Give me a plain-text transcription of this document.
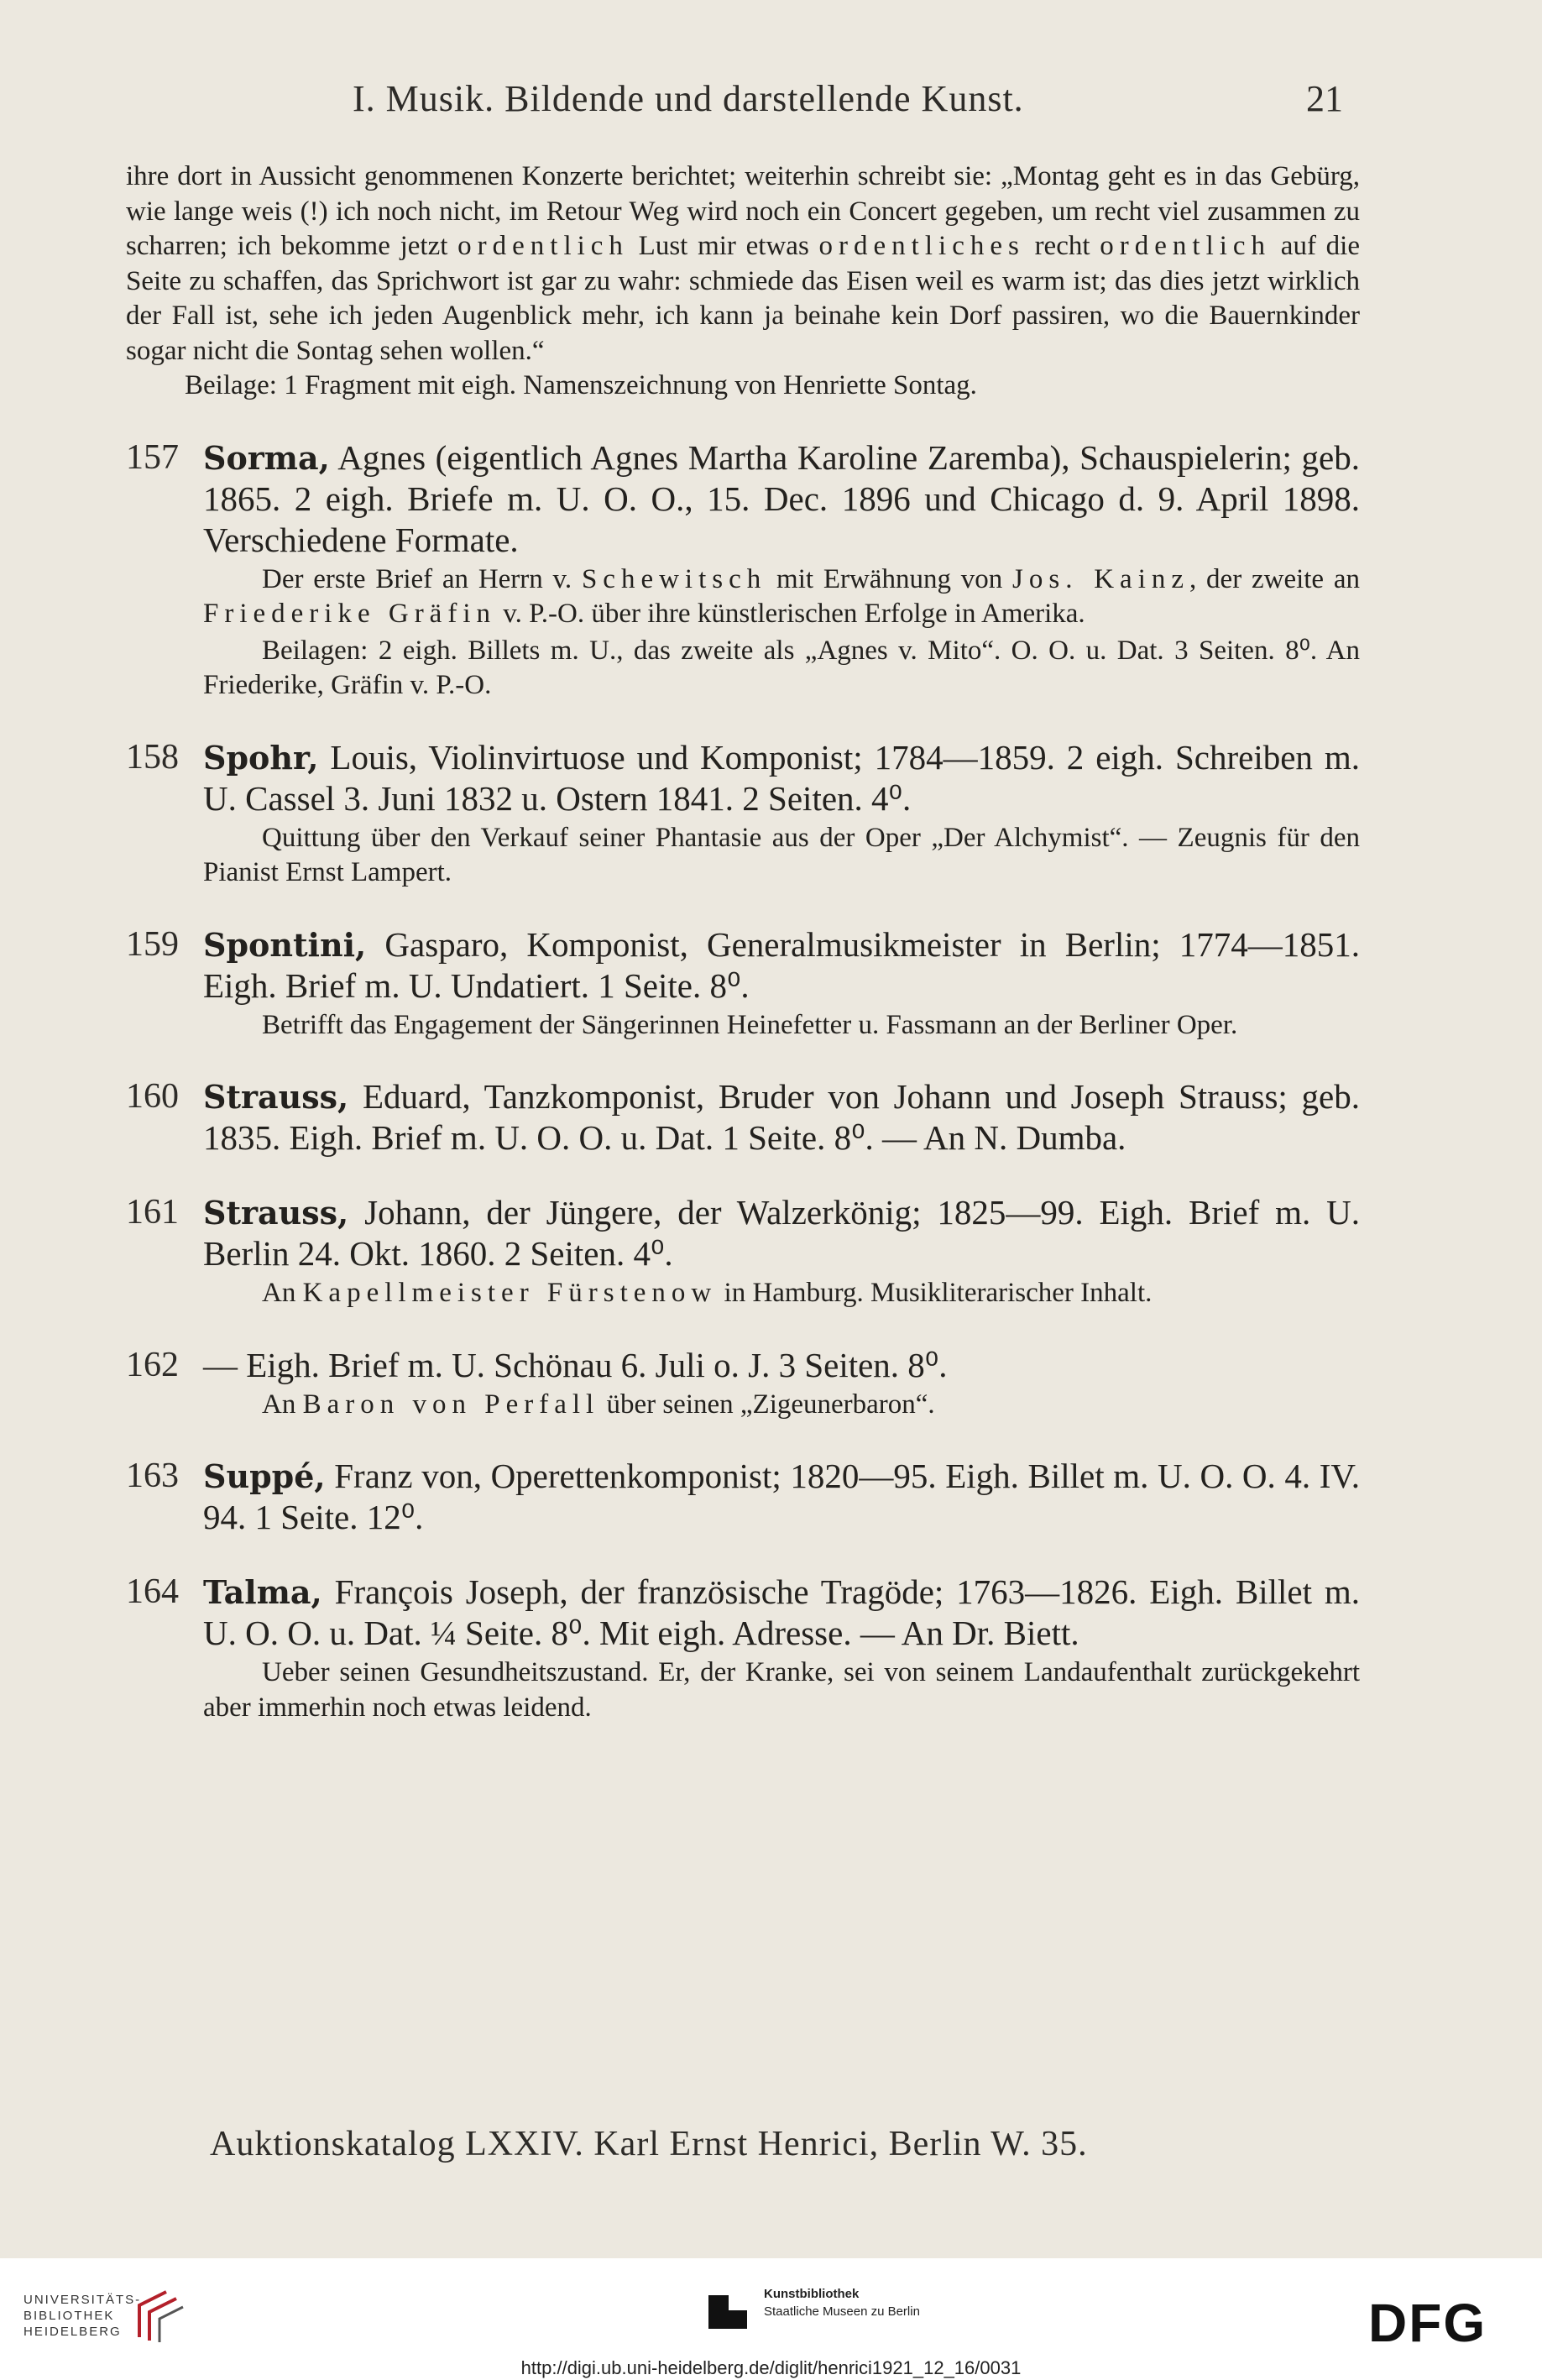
I. Musik. Bildende und darstellende Kunst.	21

ihre dort in Aussicht genommenen Konzerte berichtet; weiterhin schreibt sie: „Montag geht es in das Gebürg, wie lange weis (!) ich noch nicht, im Retour Weg wird noch ein Concert gegeben, um recht viel zusammen zu scharren; ich bekomme jetzt ordentlich Lust mir etwas ordentliches recht ordentlich auf die Seite zu schaffen, das Sprichwort ist gar zu wahr: schmiede das Eisen weil es warm ist; das dies jetzt wirklich der Fall ist, sehe ich jeden Augenblick mehr, ich kann ja beinahe kein Dorf passiren, wo die Bauernkinder sogar nicht die Sontag sehen wollen.“

Beilage: 1 Fragment mit eigh. Namenszeichnung von Henriette Sontag.

157 Sorma, Agnes (eigentlich Agnes Martha Karoline Zaremba), Schauspielerin; geb. 1865. 2 eigh. Briefe m. U. O. O., 15. Dec. 1896 und Chicago d. 9. April 1898. Verschiedene Formate.

Der erste Brief an Herrn v. Schewitsch mit Erwähnung von Jos. Kainz, der zweite an Friederike Gräfin v. P.-O. über ihre künstlerischen Erfolge in Amerika.

Beilagen: 2 eigh. Billets m. U., das zweite als „Agnes v. Mito“. O. O. u. Dat. 3 Seiten. 8⁰. An Friederike, Gräfin v. P.-O.

158 Spohr, Louis, Violinvirtuose und Komponist; 1784—1859. 2 eigh. Schreiben m. U. Cassel 3. Juni 1832 u. Ostern 1841. 2 Seiten. 4⁰.

Quittung über den Verkauf seiner Phantasie aus der Oper „Der Alchymist“. — Zeugnis für den Pianist Ernst Lampert.

159 Spontini, Gasparo, Komponist, Generalmusikmeister in Berlin; 1774—1851. Eigh. Brief m. U. Undatiert. 1 Seite. 8⁰.

Betrifft das Engagement der Sängerinnen Heinefetter u. Fassmann an der Berliner Oper.

160 Strauss, Eduard, Tanzkomponist, Bruder von Johann und Joseph Strauss; geb. 1835. Eigh. Brief m. U. O. O. u. Dat. 1 Seite. 8⁰. — An N. Dumba.

161 Strauss, Johann, der Jüngere, der Walzerkönig; 1825—99. Eigh. Brief m. U. Berlin 24. Okt. 1860. 2 Seiten. 4⁰.

An Kapellmeister Fürstenow in Hamburg. Musikliterarischer Inhalt.

162 — Eigh. Brief m. U. Schönau 6. Juli o. J. 3 Seiten. 8⁰.

An Baron von Perfall über seinen „Zigeunerbaron“.

163 Suppé, Franz von, Operettenkomponist; 1820—95. Eigh. Billet m. U. O. O. 4. IV. 94. 1 Seite. 12⁰.

164 Talma, François Joseph, der französische Tragöde; 1763—1826. Eigh. Billet m. U. O. O. u. Dat. ¼ Seite. 8⁰. Mit eigh. Adresse. — An Dr. Biett.

Ueber seinen Gesundheitszustand. Er, der Kranke, sei von seinem Landaufenthalt zurückgekehrt aber immerhin noch etwas leidend.

Auktionskatalog LXXIV. Karl Ernst Henrici, Berlin W. 35.
UNIVERSITÄTS-
BIBLIOTHEK
HEIDELBERG
Kunstbibliothek
Staatliche Museen zu Berlin	DFG
http://digi.ub.uni-heidelberg.de/diglit/henrici1921_12_16/0031
